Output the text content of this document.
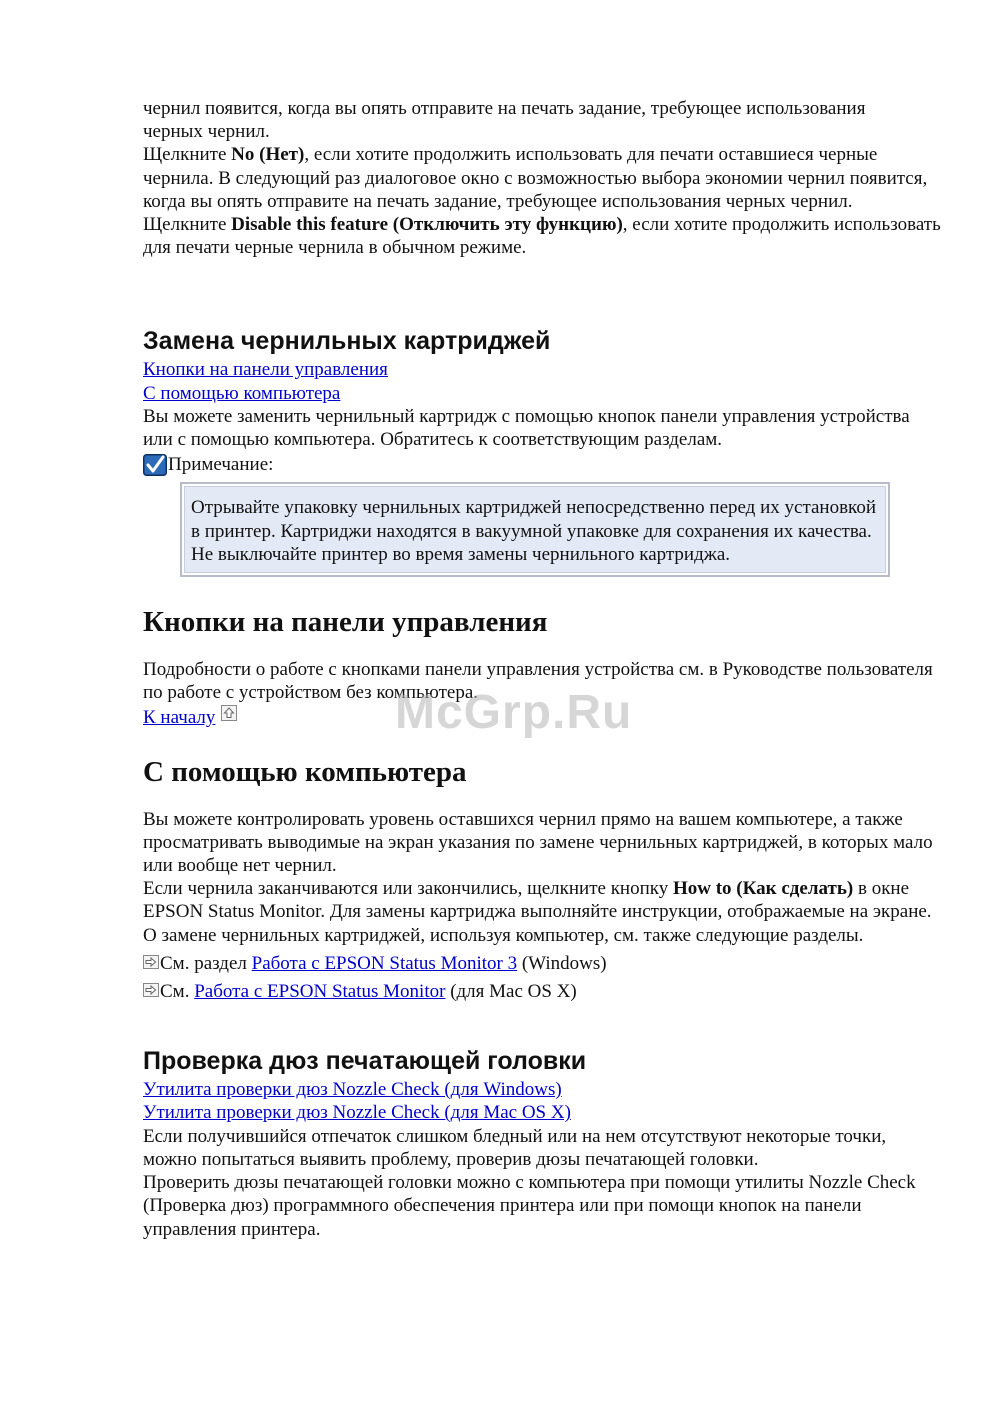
чернил появится, когда вы опять отправите на печать задание, требующее использования

черных чернил.

Щелкните No (Нет), если хотите продолжить использовать для печати оставшиеся черные чернила. В следующий раз диалоговое окно с возможностью выбора экономии чернил появится, когда вы опять отправите на печать задание, требующее использования черных чернил.

Щелкните Disable this feature (Отключить эту функцию), если хотите продолжить использовать для печати черные чернила в обычном режиме.

Замена чернильных картриджей

Кнопки на панели управления

С помощью компьютера

Вы можете заменить чернильный картридж с помощью кнопок панели управления устройства или с помощью компьютера. Обратитесь к соответствующим разделам.

Примечание:

Отрывайте упаковку чернильных картриджей непосредственно перед их установкой в принтер. Картриджи находятся в вакуумной упаковке для сохранения их качества.

Не выключайте принтер во время замены чернильного картриджа.

Кнопки на панели управления

Подробности о работе с кнопками панели управления устройства см. в Руководстве пользователя по работе с устройством без компьютера.

К началу

С помощью компьютера

Вы можете контролировать уровень оставшихся чернил прямо на вашем компьютере, а также просматривать выводимые на экран указания по замене чернильных картриджей, в которых мало или вообще нет чернил.

Если чернила заканчиваются или закончились, щелкните кнопку How to (Как сделать) в окне EPSON Status Monitor. Для замены картриджа выполняйте инструкции, отображаемые на экране.

О замене чернильных картриджей, используя компьютер, см. также следующие разделы.

См. раздел Работа с EPSON Status Monitor 3 (Windows)

См. Работа с EPSON Status Monitor (для Mac OS X)

Проверка дюз печатающей головки

Утилита проверки дюз Nozzle Check (для Windows)

Утилита проверки дюз Nozzle Check (для Mac OS X)

Если получившийся отпечаток слишком бледный или на нем отсутствуют некоторые точки, можно попытаться выявить проблему, проверив дюзы печатающей головки.

Проверить дюзы печатающей головки можно с компьютера при помощи утилиты Nozzle Check (Проверка дюз) программного обеспечения принтера или при помощи кнопок на панели управления принтера.

McGrp.Ru
